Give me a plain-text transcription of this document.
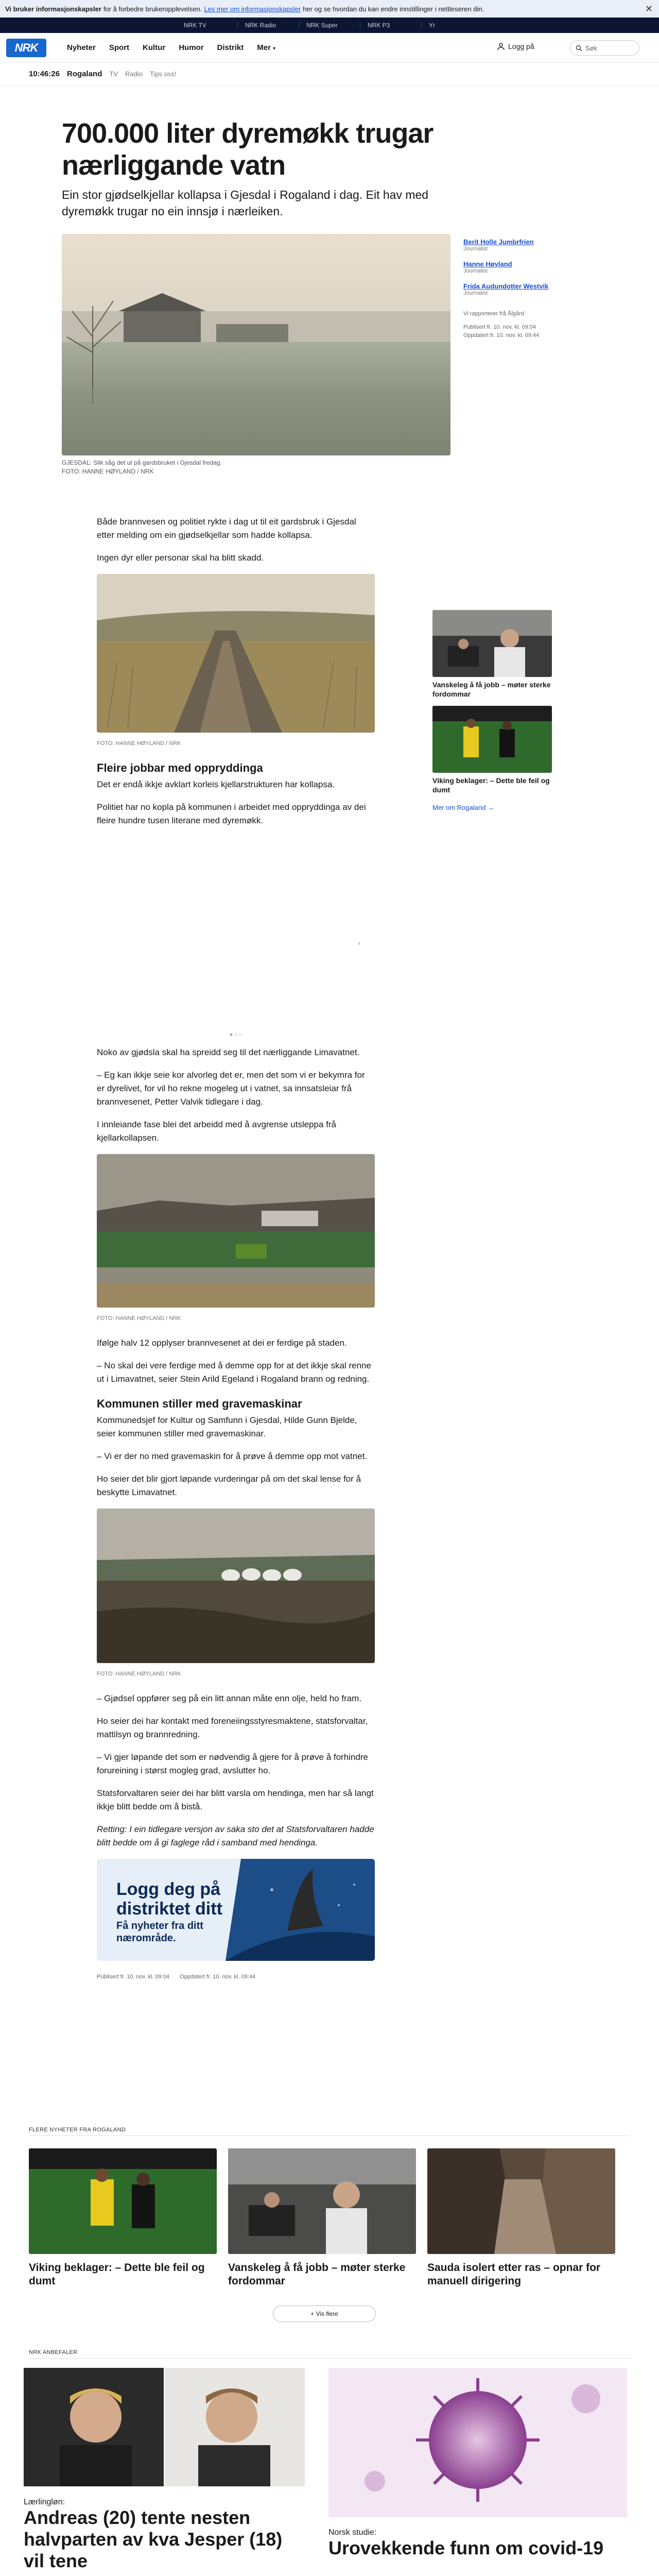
Vi bruker informasjonskapsler for å forbedre brukeropplevelsen. Les mer om informasjonskapsler her og se hvordan du kan endre innstillinger i nettleseren din.	✕
NRK TV	NRK Radio	NRK Super	NRK P3	Yr
NRK	Nyheter Sport Kultur Humor Distrikt Mer ▾	Logg på	Søk
10:46:26 Rogaland TV Radio Tips oss!
700.000 liter dyremøkk trugar nærliggande vatn

Ein stor gjødselkjellar kollapsa i Gjesdal i Rogaland i dag. Eit hav med dyremøkk trugar no ein innsjø i nærleiken.

GJESDAL: Slik såg det ut på gardsbruket i Gjesdal fredag.
FOTO: HANNE HØYLAND / NRK
Berit Holle Jumbrfrien
Journalist
Hanne Høyland
Journalist
Frida Audundotter Westvik
Journalist
Vi rapporterer frå Ålgård
Publisert fr. 10. nov. kl. 09:04
Oppdatert fr. 10. nov. kl. 09:44

Både brannvesen og politiet rykte i dag ut til eit gardsbruk i Gjesdal etter melding om ein gjødselkjellar som hadde kollapsa.

Ingen dyr eller personar skal ha blitt skadd.

FOTO: HANNE HØYLAND / NRK
Fleire jobbar med oppryddinga

Det er endå ikkje avklart korleis kjellarstrukturen har kollapsa.

Politiet har no kopla på kommunen i arbeidet med oppryddinga av dei fleire hundre tusen literane med dyremøkk.

● ○ ○
›
Vanskeleg å få jobb – møter sterke fordommar
Viking beklager: – Dette ble feil og dumt
Mer om Rogaland →

Noko av gjødsla skal ha spreidd seg til det nærliggande Limavatnet.

– Eg kan ikkje seie kor alvorleg det er, men det som vi er bekymra for er dyrelivet, for vil ho rekne mogeleg ut i vatnet, sa innsatsleiar frå brannvesenet, Petter Valvik tidlegare i dag.

I innleiande fase blei det arbeidd med å avgrense utsleppa frå kjellarkollapsen.

FOTO: HANNE HØYLAND / NRK

Ifølge halv 12 opplyser brannvesenet at dei er ferdige på staden.

– No skal dei vere ferdige med å demme opp for at det ikkje skal renne ut i Limavatnet, seier Stein Arild Egeland i Rogaland brann og redning.

Kommunen stiller med gravemaskinar

Kommunedsjef for Kultur og Samfunn i Gjesdal, Hilde Gunn Bjelde, seier kommunen stiller med gravemaskinar.

– Vi er der no med gravemaskin for å prøve å demme opp mot vatnet.

Ho seier det blir gjort løpande vurderingar på om det skal lense for å beskytte Limavatnet.

FOTO: HANNE HØYLAND / NRK

– Gjødsel oppfører seg på ein litt annan måte enn olje, held ho fram.

Ho seier dei har kontakt med foreneiingsstyresmaktene, statsforvaltar, mattilsyn og brannredning.

– Vi gjer løpande det som er nødvendig å gjere for å prøve å forhindre forureining i størst mogleg grad, avslutter ho.

Statsforvaltaren seier dei har blitt varsla om hendinga, men har så langt ikkje blitt bedde om å bistå.

Retting: I ein tidlegare versjon av saka sto det at Statsforvaltaren hadde blitt bedde om å gi faglege råd i samband med hendinga.

Logg deg på distriktet ditt
Få nyheter fra ditt nærområde.
Publisert fr. 10. nov. kl. 09:04 Oppdatert fr. 10. nov. kl. 09:44
FLERE NYHETER FRA ROGALAND
Viking beklager: – Dette ble feil og dumt
Vanskeleg å få jobb – møter sterke fordommar
Sauda isolert etter ras – opnar for manuell dirigering
+ Vis flere
NRK ANBEFALER
Lærlingløn:
Andreas (20) tente nesten halvparten av kva Jesper (18) vil tene
Norsk studie:
Urovekkende funn om covid-19
